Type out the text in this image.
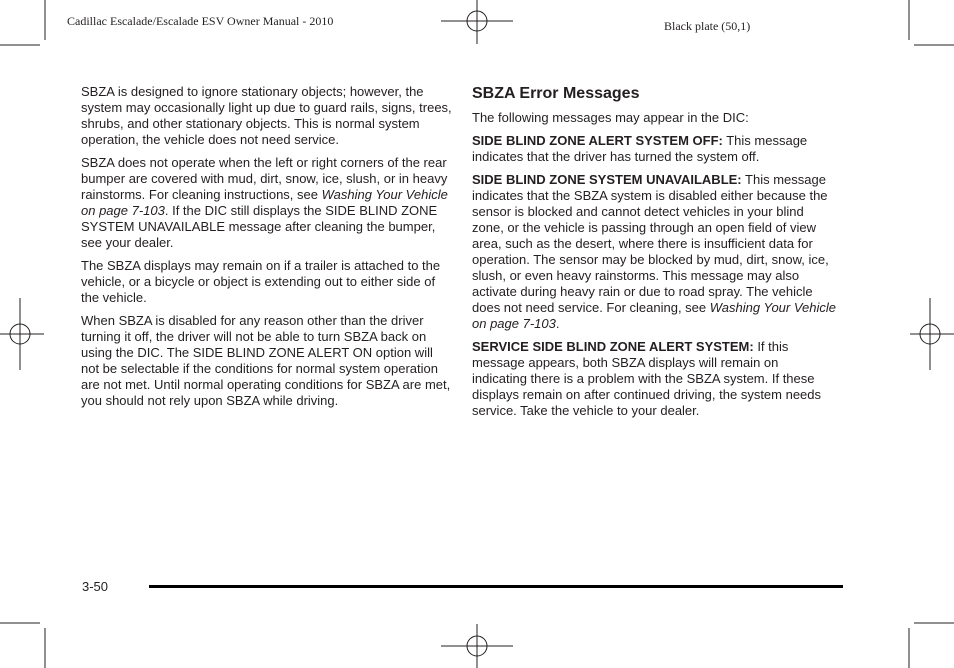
Cadillac Escalade/Escalade ESV Owner Manual - 2010	Black plate (50,1)

SBZA is designed to ignore stationary objects; however, the system may occasionally light up due to guard rails, signs, trees, shrubs, and other stationary objects. This is normal system operation, the vehicle does not need service.

SBZA does not operate when the left or right corners of the rear bumper are covered with mud, dirt, snow, ice, slush, or in heavy rainstorms. For cleaning instructions, see Washing Your Vehicle on page 7-103. If the DIC still displays the SIDE BLIND ZONE SYSTEM UNAVAILABLE message after cleaning the bumper, see your dealer.

The SBZA displays may remain on if a trailer is attached to the vehicle, or a bicycle or object is extending out to either side of the vehicle.

When SBZA is disabled for any reason other than the driver turning it off, the driver will not be able to turn SBZA back on using the DIC. The SIDE BLIND ZONE ALERT ON option will not be selectable if the conditions for normal system operation are not met. Until normal operating conditions for SBZA are met, you should not rely upon SBZA while driving.

SBZA Error Messages

The following messages may appear in the DIC:

SIDE BLIND ZONE ALERT SYSTEM OFF: This message indicates that the driver has turned the system off.

SIDE BLIND ZONE SYSTEM UNAVAILABLE: This message indicates that the SBZA system is disabled either because the sensor is blocked and cannot detect vehicles in your blind zone, or the vehicle is passing through an open field of view area, such as the desert, where there is insufficient data for operation. The sensor may be blocked by mud, dirt, snow, ice, slush, or even heavy rainstorms. This message may also activate during heavy rain or due to road spray. The vehicle does not need service. For cleaning, see Washing Your Vehicle on page 7-103.

SERVICE SIDE BLIND ZONE ALERT SYSTEM: If this message appears, both SBZA displays will remain on indicating there is a problem with the SBZA system. If these displays remain on after continued driving, the system needs service. Take the vehicle to your dealer.

3-50
